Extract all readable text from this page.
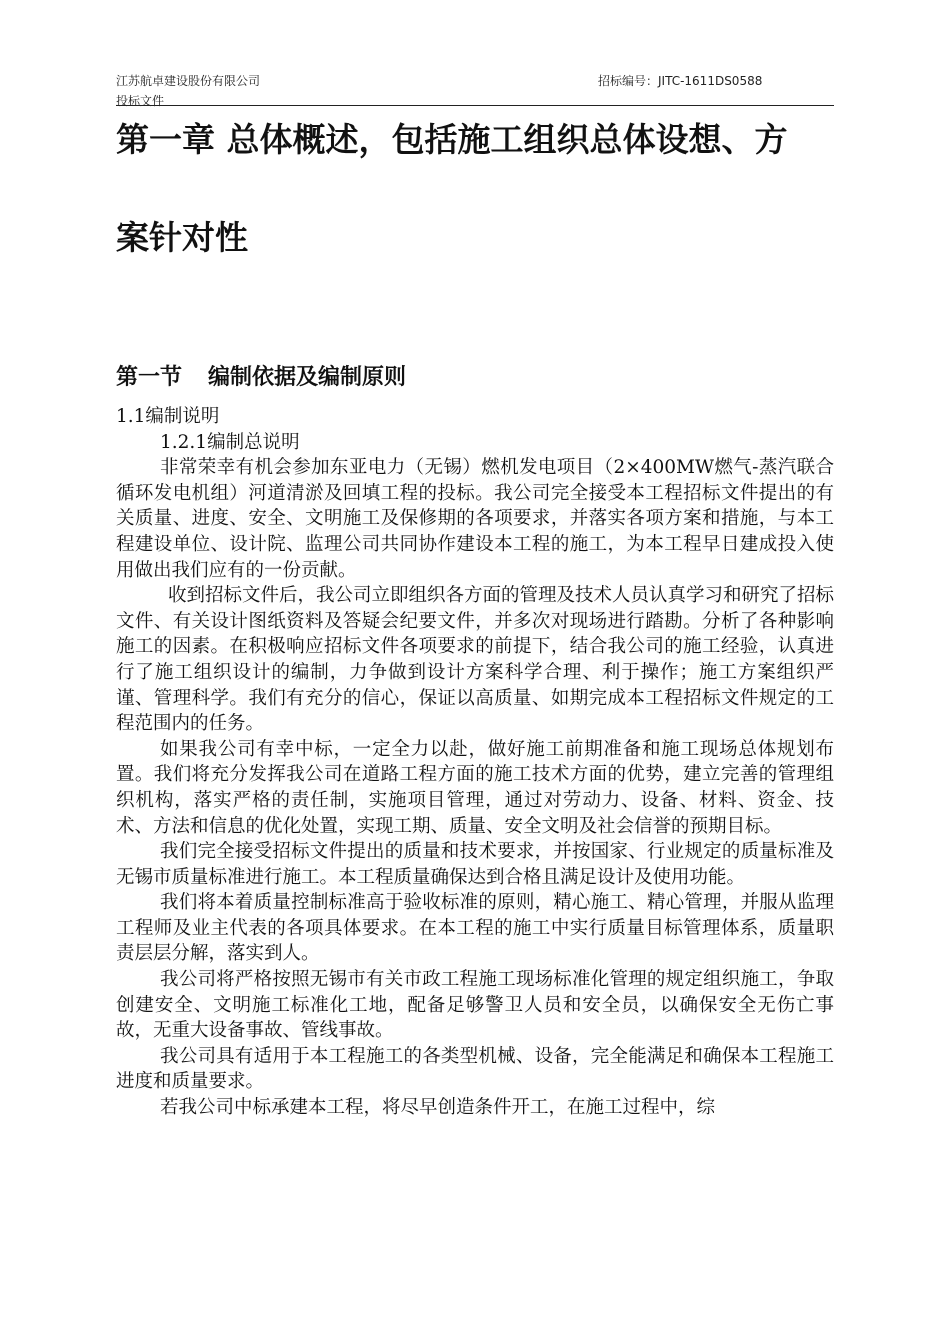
江苏航卓建设股份有限公司
投标文件
招标编号：JITC-1611DS0588
第一章 总体概述，包括施工组织总体设想、方
案针对性
第一节 编制依据及编制原则

1.1编制说明

1.2.1编制总说明

非常荣幸有机会参加东亚电力（无锡）燃机发电项目（2×400MW燃气-蒸汽联合循环发电机组）河道清淤及回填工程的投标。我公司完全接受本工程招标文件提出的有关质量、进度、安全、文明施工及保修期的各项要求，并落实各项方案和措施，与本工程建设单位、设计院、监理公司共同协作建设本工程的施工，为本工程早日建成投入使用做出我们应有的一份贡献。

收到招标文件后，我公司立即组织各方面的管理及技术人员认真学习和研究了招标文件、有关设计图纸资料及答疑会纪要文件，并多次对现场进行踏勘。分析了各种影响施工的因素。在积极响应招标文件各项要求的前提下，结合我公司的施工经验，认真进行了施工组织设计的编制，力争做到设计方案科学合理、利于操作；施工方案组织严谨、管理科学。我们有充分的信心，保证以高质量、如期完成本工程招标文件规定的工程范围内的任务。

如果我公司有幸中标，一定全力以赴，做好施工前期准备和施工现场总体规划布置。我们将充分发挥我公司在道路工程方面的施工技术方面的优势，建立完善的管理组织机构，落实严格的责任制，实施项目管理，通过对劳动力、设备、材料、资金、技术、方法和信息的优化处置，实现工期、质量、安全文明及社会信誉的预期目标。

我们完全接受招标文件提出的质量和技术要求，并按国家、行业规定的质量标准及无锡市质量标准进行施工。本工程质量确保达到合格且满足设计及使用功能。

我们将本着质量控制标准高于验收标准的原则，精心施工、精心管理，并服从监理工程师及业主代表的各项具体要求。在本工程的施工中实行质量目标管理体系，质量职责层层分解，落实到人。

我公司将严格按照无锡市有关市政工程施工现场标准化管理的规定组织施工，争取创建安全、文明施工标准化工地，配备足够警卫人员和安全员，以确保安全无伤亡事故，无重大设备事故、管线事故。

我公司具有适用于本工程施工的各类型机械、设备，完全能满足和确保本工程施工进度和质量要求。

若我公司中标承建本工程，将尽早创造条件开工，在施工过程中，综
